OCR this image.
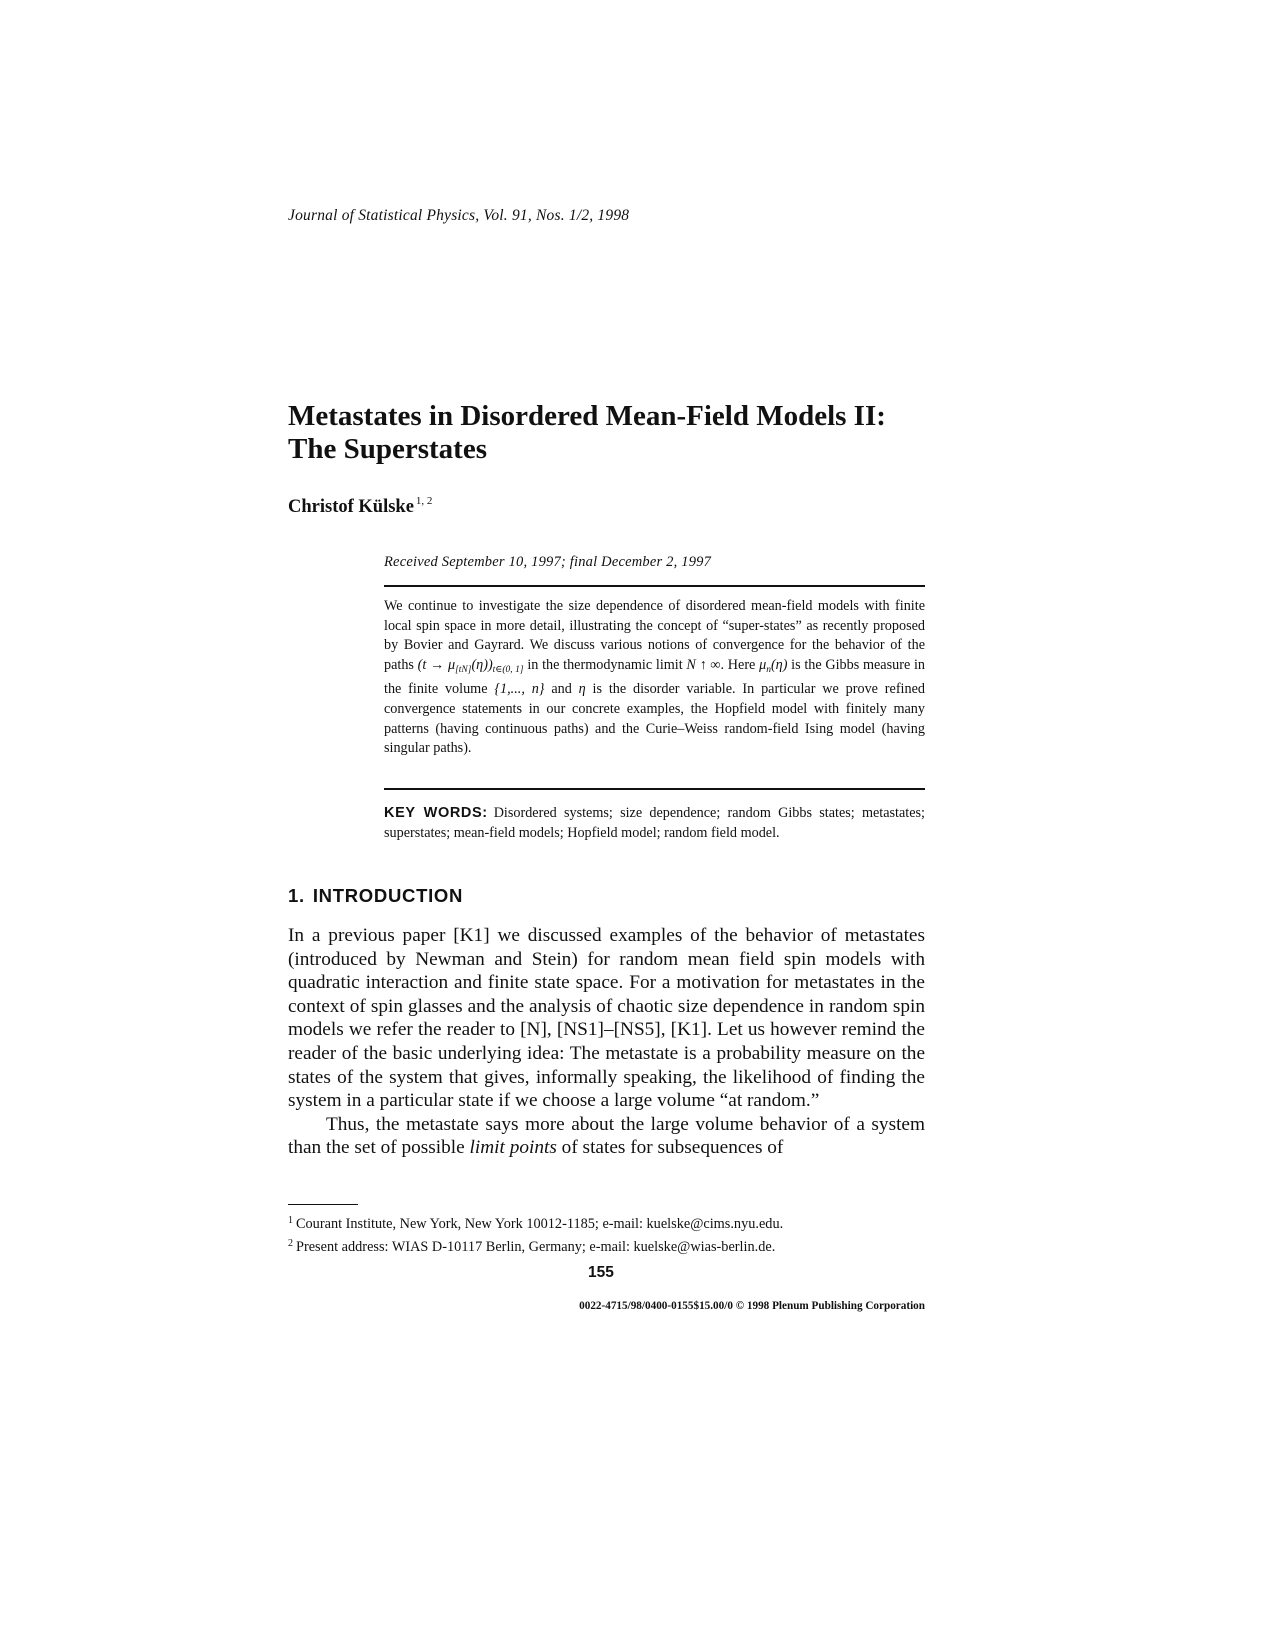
Journal of Statistical Physics, Vol. 91, Nos. 1/2, 1998
Metastates in Disordered Mean-Field Models II:
The Superstates
Christof Külske $^{1, 2}$
Received September 10, 1997; final December 2, 1997

We continue to investigate the size dependence of disordered mean-field models with finite local spin space in more detail, illustrating the concept of “super-states” as recently proposed by Bovier and Gayrard. We discuss various notions of convergence for the behavior of the paths $(t \to \mu_{[tN]}(\eta))_{t\in(0, 1]}$ in the thermodynamic limit N ↑ ∞. Here $\mu_n(\eta)$ is the Gibbs measure in the finite volume {1,..., n} and η is the disorder variable. In particular we prove refined convergence statements in our concrete examples, the Hopfield model with finitely many patterns (having continuous paths) and the Curie–Weiss random-field Ising model (having singular paths).

KEY WORDS: Disordered systems; size dependence; random Gibbs states; metastates; superstates; mean-field models; Hopfield model; random field model.

1. INTRODUCTION

In a previous paper [K1] we discussed examples of the behavior of metastates (introduced by Newman and Stein) for random mean field spin models with quadratic interaction and finite state space. For a motivation for metastates in the context of spin glasses and the analysis of chaotic size dependence in random spin models we refer the reader to [N], [NS1]–[NS5], [K1]. Let us however remind the reader of the basic underlying idea: The metastate is a probability measure on the states of the system that gives, informally speaking, the likelihood of finding the system in a particular state if we choose a large volume “at random.”

Thus, the metastate says more about the large volume behavior of a system than the set of possible limit points of states for subsequences of

$^1$ Courant Institute, New York, New York 10012-1185; e-mail: kuelske@cims.nyu.edu.
$^2$ Present address: WIAS D-10117 Berlin, Germany; e-mail: kuelske@wias-berlin.de.
155
0022-4715/98/0400-0155$15.00/0 © 1998 Plenum Publishing Corporation
